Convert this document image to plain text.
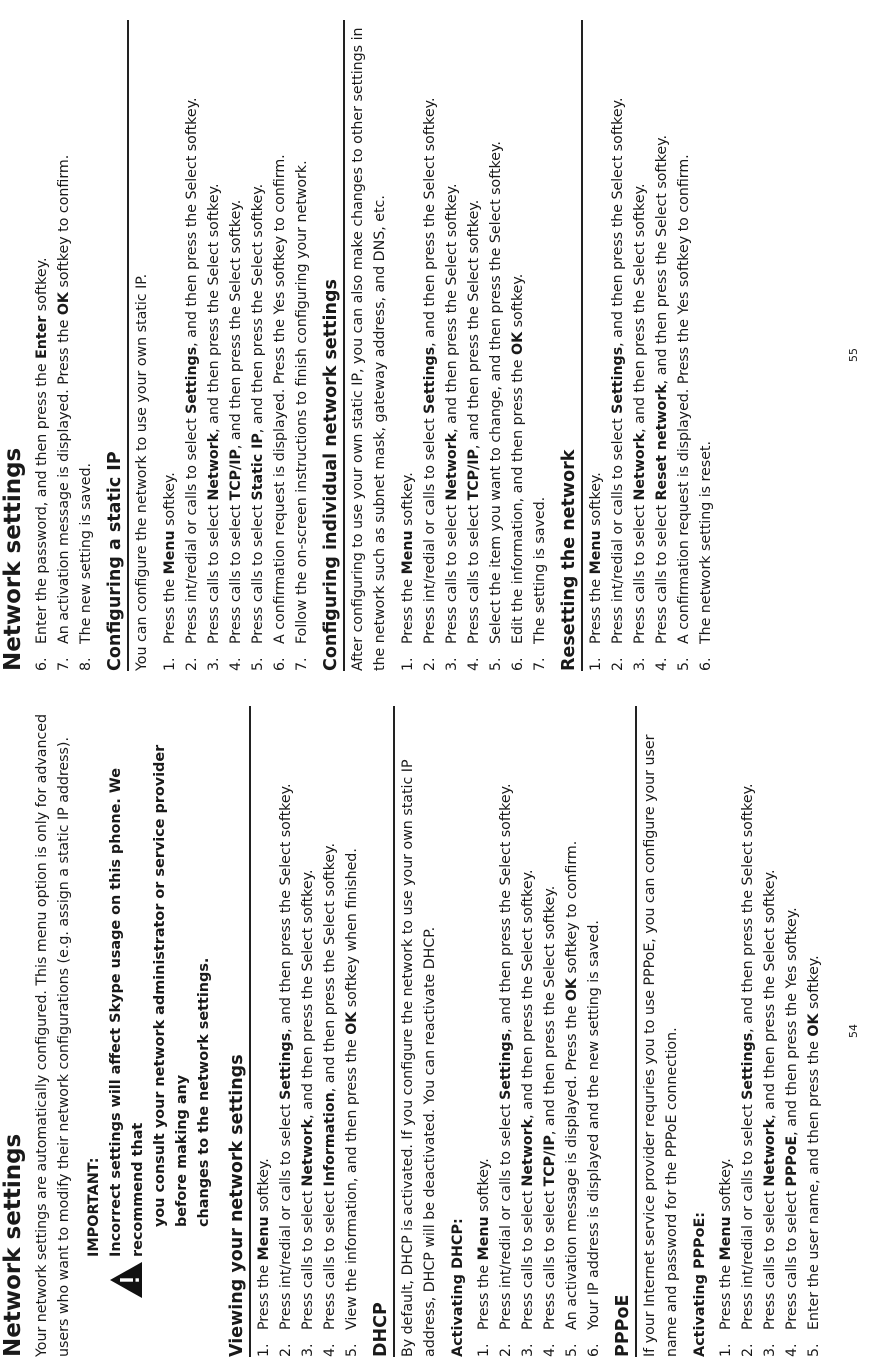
Network settings Your network settings are automatically configured. This menu option is only for advanced users who want to modify their network configurations (e.g. assign a static IP address). IMPORTANT: Incorrect settings will affect Skype usage on this phone. We recommend that you consult your network administrator or service provider before making any changes to the network settings. Viewing your network settings 1.
Press the Menu softkey.
2.
Press int/redial or calls to select Settings, and then press the Select softkey.
3.
Press calls to select Network, and then press the Select softkey.
4.
Press calls to select Information, and then press the Select softkey.
5.
View the information, and then press the OK softkey when finished.
DHCP By default, DHCP is activated. If you configure the network to use your own static IP address, DHCP will be deactivated. You can reactivate DHCP. Activating DHCP: 1.
Press the Menu softkey.
2.
Press int/redial or calls to select Settings, and then press the Select softkey.
3.
Press calls to select Network, and then press the Select softkey.
4.
Press calls to select TCP/IP, and then press the Select softkey.
5.
An activation message is displayed. Press the OK softkey to confirm.
6.
Your IP address is displayed and the new setting is saved. PPPoE If your Internet service provider requries you to use PPPoE, you can configure your user name and password for the PPPoE connection. Activating PPPoE: 1.
Press the Menu softkey.
2.
Press int/redial or calls to select Settings, and then press the Select softkey.
3.
Press calls to select Network, and then press the Select softkey.
4.
Press calls to select PPPoE, and then press the Yes softkey.
5.
Enter the user name, and then press the OK softkey.
54
Network settings 6.
Enter the password, and then press the Enter softkey.
7.
An activation message is displayed. Press the OK softkey to confirm.
8.
The new setting is saved. Configuring a static IP You can configure the network to use your own static IP. 1.
Press the Menu softkey.
2.
Press int/redial or calls to select Settings, and then press the Select softkey.
3.
Press calls to select Network, and then press the Select softkey.
4.
Press calls to select TCP/IP, and then press the Select softkey.
5.
Press calls to select Static IP, and then press the Select softkey.
6.
A confirmation request is displayed. Press the Yes softkey to confirm.
7.
Follow the on-screen instructions to finish configuring your network. Configuring individual network settings After configuring to use your own static IP, you can also make changes to other settings in the network such as subnet mask, gateway address, and DNS, etc. 1.
Press the Menu softkey.
2.
Press int/redial or calls to select Settings, and then press the Select softkey.
3.
Press calls to select Network, and then press the Select softkey.
4.
Press calls to select TCP/IP, and then press the Select softkey.
5.
Select the item you want to change, and then press the Select softkey.
6.
Edit the information, and then press the OK softkey.
7.
The setting is saved. Resetting the network 1.
Press the Menu softkey.
2.
Press int/redial or calls to select Settings, and then press the Select softkey.
3.
Press calls to select Network, and then press the Select softkey.
4.
Press calls to select Reset network, and then press the Select softkey.
5.
A confirmation request is displayed. Press the Yes softkey to confirm.
6.
The network setting is reset.
55
